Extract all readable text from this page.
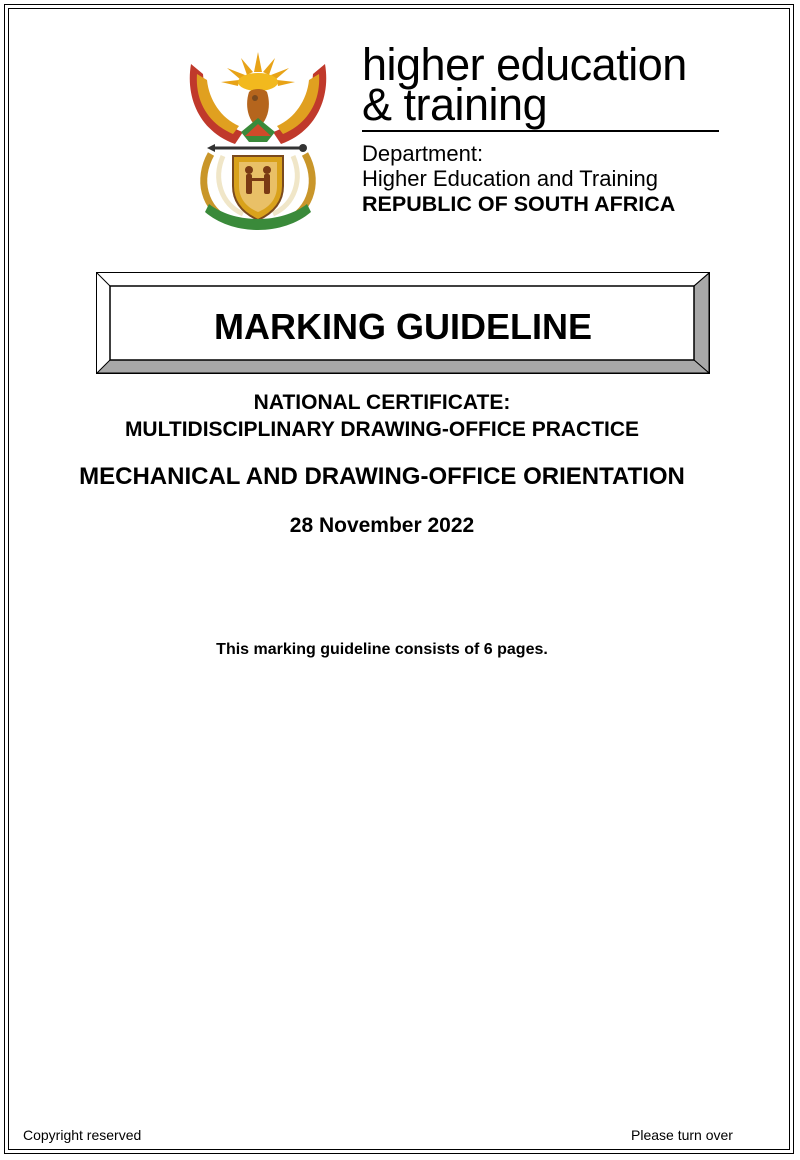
higher education
& training
Department:
Higher Education and Training
REPUBLIC OF SOUTH AFRICA
MARKING GUIDELINE
NATIONAL CERTIFICATE:
MULTIDISCIPLINARY DRAWING-OFFICE PRACTICE
MECHANICAL AND DRAWING-OFFICE ORIENTATION
28 November 2022
This marking guideline consists of 6 pages.
Copyright reserved	Please turn over
